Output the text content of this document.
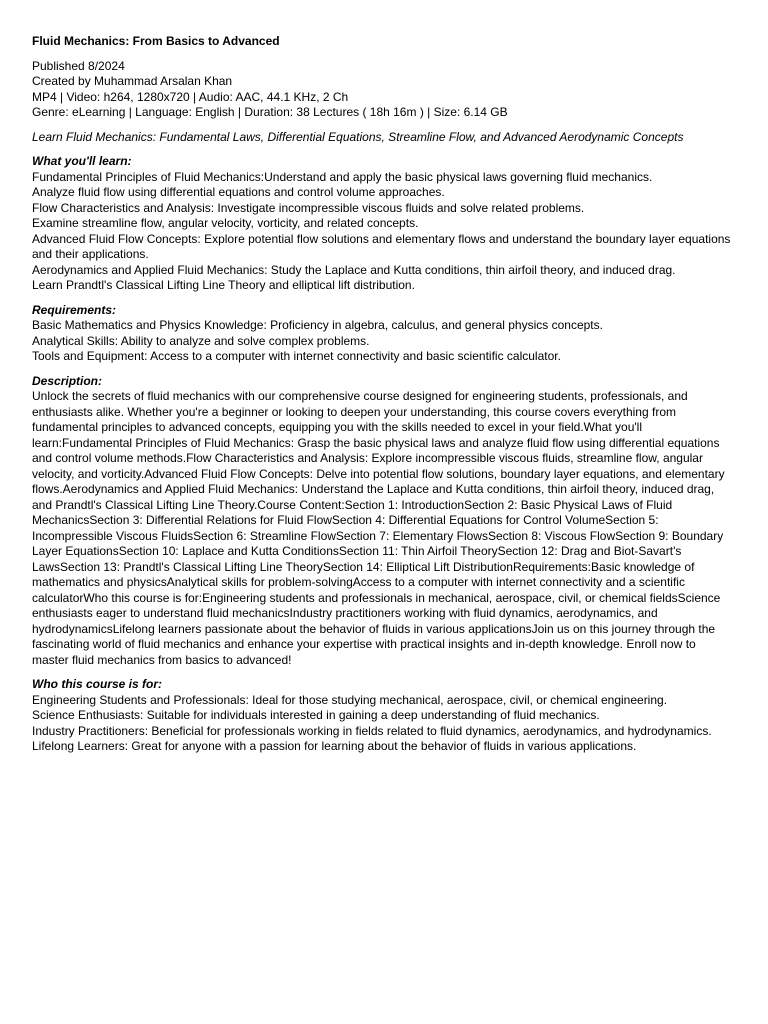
Fluid Mechanics: From Basics to Advanced
Published 8/2024
Created by Muhammad Arsalan Khan
MP4 | Video: h264, 1280x720 | Audio: AAC, 44.1 KHz, 2 Ch
Genre: eLearning | Language: English | Duration: 38 Lectures ( 18h 16m ) | Size: 6.14 GB
Learn Fluid Mechanics: Fundamental Laws, Differential Equations, Streamline Flow, and Advanced Aerodynamic Concepts
What you'll learn:
Fundamental Principles of Fluid Mechanics:Understand and apply the basic physical laws governing fluid mechanics.
Analyze fluid flow using differential equations and control volume approaches.
Flow Characteristics and Analysis: Investigate incompressible viscous fluids and solve related problems.
Examine streamline flow, angular velocity, vorticity, and related concepts.
Advanced Fluid Flow Concepts: Explore potential flow solutions and elementary flows and understand the boundary layer equations and their applications.
Aerodynamics and Applied Fluid Mechanics: Study the Laplace and Kutta conditions, thin airfoil theory, and induced drag.
Learn Prandtl's Classical Lifting Line Theory and elliptical lift distribution.
Requirements:
Basic Mathematics and Physics Knowledge: Proficiency in algebra, calculus, and general physics concepts.
Analytical Skills: Ability to analyze and solve complex problems.
Tools and Equipment: Access to a computer with internet connectivity and basic scientific calculator.
Description:
Unlock the secrets of fluid mechanics with our comprehensive course designed for engineering students, professionals, and enthusiasts alike. Whether you're a beginner or looking to deepen your understanding, this course covers everything from fundamental principles to advanced concepts, equipping you with the skills needed to excel in your field.What you'll learn:Fundamental Principles of Fluid Mechanics: Grasp the basic physical laws and analyze fluid flow using differential equations and control volume methods.Flow Characteristics and Analysis: Explore incompressible viscous fluids, streamline flow, angular velocity, and vorticity.Advanced Fluid Flow Concepts: Delve into potential flow solutions, boundary layer equations, and elementary flows.Aerodynamics and Applied Fluid Mechanics: Understand the Laplace and Kutta conditions, thin airfoil theory, induced drag, and Prandtl's Classical Lifting Line Theory.Course Content:Section 1: IntroductionSection 2: Basic Physical Laws of Fluid MechanicsSection 3: Differential Relations for Fluid FlowSection 4: Differential Equations for Control VolumeSection 5: Incompressible Viscous FluidsSection 6: Streamline FlowSection 7: Elementary FlowsSection 8: Viscous FlowSection 9: Boundary Layer EquationsSection 10: Laplace and Kutta ConditionsSection 11: Thin Airfoil TheorySection 12: Drag and Biot-Savart's LawsSection 13: Prandtl's Classical Lifting Line TheorySection 14: Elliptical Lift DistributionRequirements:Basic knowledge of mathematics and physicsAnalytical skills for problem-solvingAccess to a computer with internet connectivity and a scientific calculatorWho this course is for:Engineering students and professionals in mechanical, aerospace, civil, or chemical fieldsScience enthusiasts eager to understand fluid mechanicsIndustry practitioners working with fluid dynamics, aerodynamics, and hydrodynamicsLifelong learners passionate about the behavior of fluids in various applicationsJoin us on this journey through the fascinating world of fluid mechanics and enhance your expertise with practical insights and in-depth knowledge. Enroll now to master fluid mechanics from basics to advanced!
Who this course is for:
Engineering Students and Professionals: Ideal for those studying mechanical, aerospace, civil, or chemical engineering.
Science Enthusiasts: Suitable for individuals interested in gaining a deep understanding of fluid mechanics.
Industry Practitioners: Beneficial for professionals working in fields related to fluid dynamics, aerodynamics, and hydrodynamics.
Lifelong Learners: Great for anyone with a passion for learning about the behavior of fluids in various applications.
